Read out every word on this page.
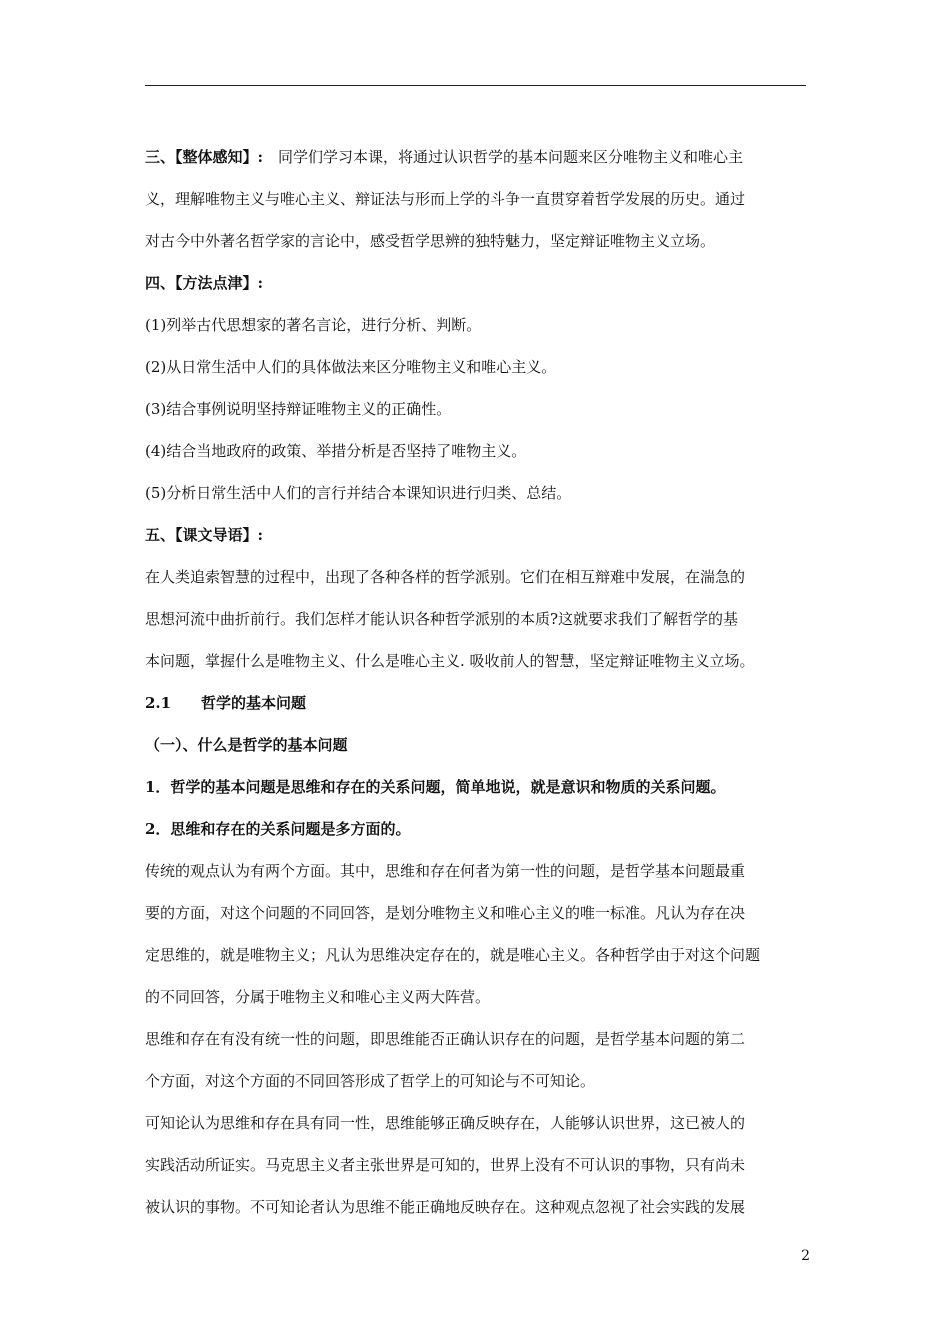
三、【整体感知】:　同学们学习本课，将通过认识哲学的基本问题来区分唯物主义和唯心主
义，理解唯物主义与唯心主义、辩证法与形而上学的斗争一直贯穿着哲学发展的历史。通过
对古今中外著名哲学家的言论中，感受哲学思辨的独特魅力，坚定辩证唯物主义立场。
四、【方法点津】:
(1)列举古代思想家的著名言论，进行分析、判断。
(2)从日常生活中人们的具体做法来区分唯物主义和唯心主义。
(3)结合事例说明坚持辩证唯物主义的正确性。
(4)结合当地政府的政策、举措分析是否坚持了唯物主义。
(5)分析日常生活中人们的言行并结合本课知识进行归类、总结。
五、【课文导语】:
在人类追索智慧的过程中，出现了各种各样的哲学派别。它们在相互辩难中发展，在湍急的
思想河流中曲折前行。我们怎样才能认识各种哲学派别的本质?这就要求我们了解哲学的基
本问题，掌握什么是唯物主义、什么是唯心主义. 吸收前人的智慧，坚定辩证唯物主义立场。
2.1 哲学的基本问题
（一）、什么是哲学的基本问题
1．哲学的基本问题是思维和存在的关系问题，简单地说，就是意识和物质的关系问题。
2．思维和存在的关系问题是多方面的。
传统的观点认为有两个方面。其中，思维和存在何者为第一性的问题，是哲学基本问题最重
要的方面，对这个问题的不同回答，是划分唯物主义和唯心主义的唯一标准。凡认为存在决
定思维的，就是唯物主义；凡认为思维决定存在的，就是唯心主义。各种哲学由于对这个问题
的不同回答，分属于唯物主义和唯心主义两大阵营。
思维和存在有没有统一性的问题，即思维能否正确认识存在的问题，是哲学基本问题的第二
个方面，对这个方面的不同回答形成了哲学上的可知论与不可知论。
可知论认为思维和存在具有同一性，思维能够正确反映存在，人能够认识世界，这已被人的
实践活动所证实。马克思主义者主张世界是可知的，世界上没有不可认识的事物，只有尚未
被认识的事物。不可知论者认为思维不能正确地反映存在。这种观点忽视了社会实践的发展
2
